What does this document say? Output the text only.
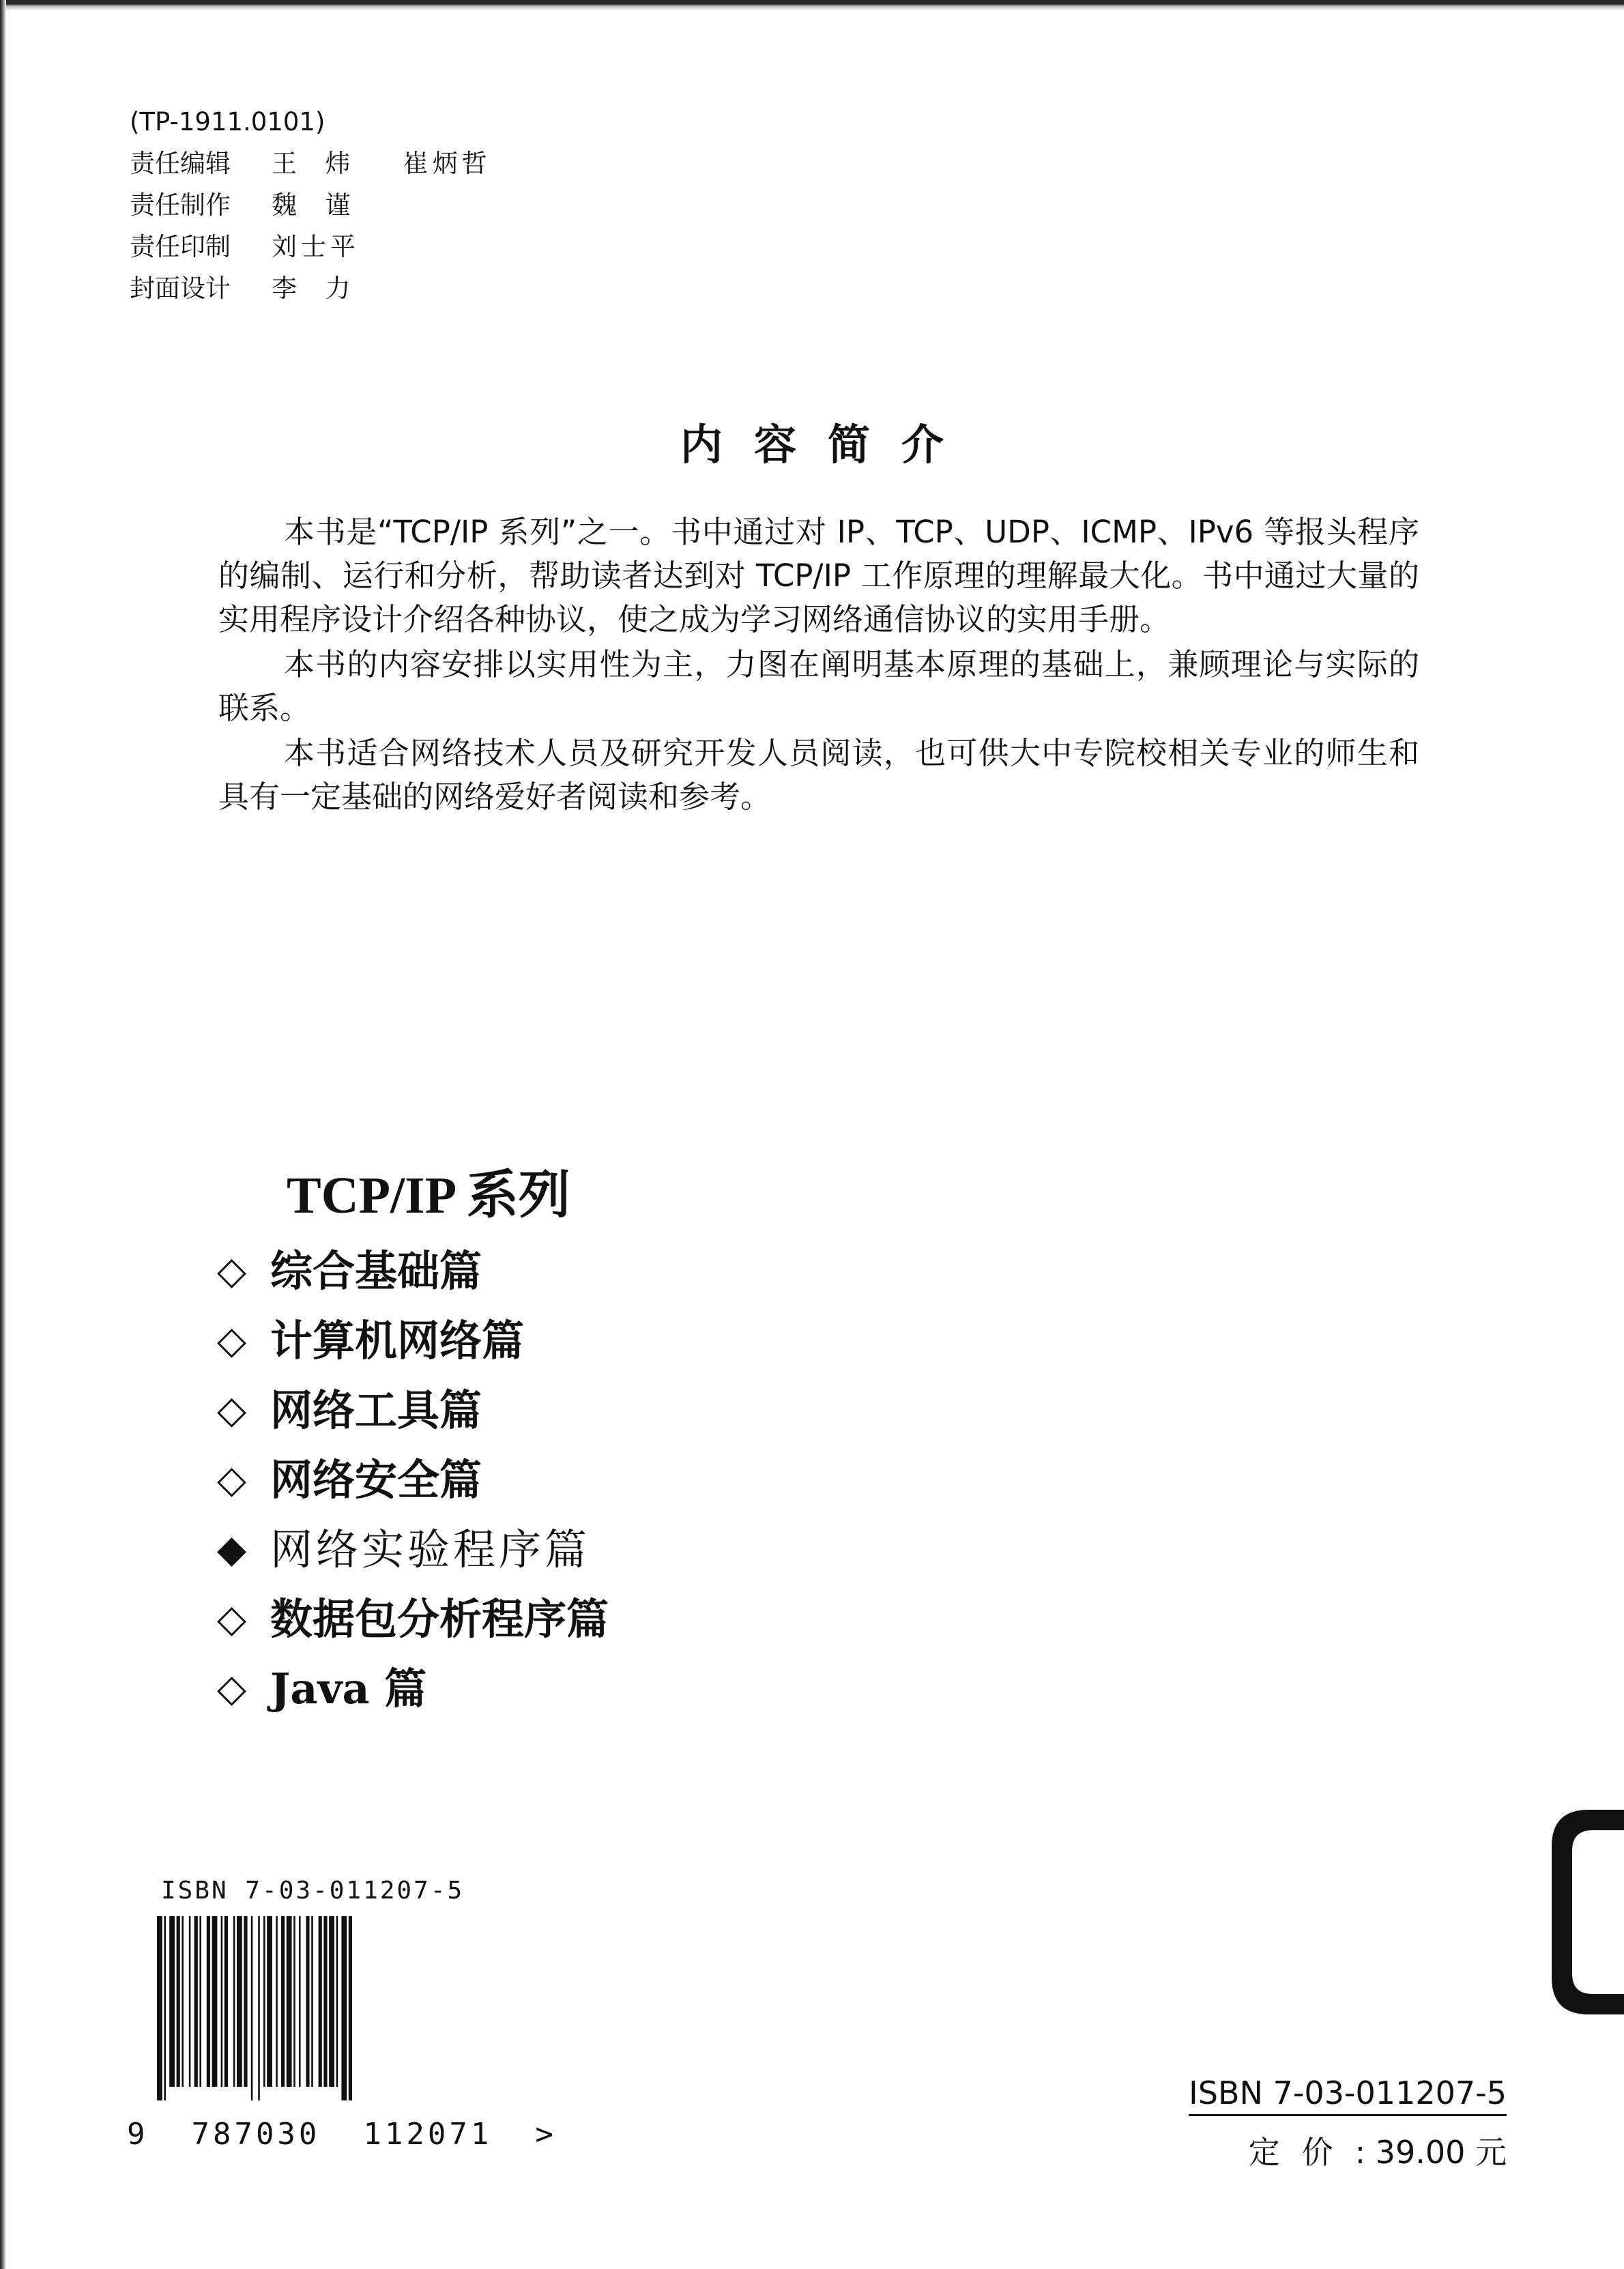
(TP-1911.0101)
责任编辑	王  炜    崔炳哲
责任制作	魏  谨
责任印制	刘士平
封面设计	李  力
内容简介

本书是“TCP/IP 系列”之一。书中通过对 IP、TCP、UDP、ICMP、IPv6 等报头程序的编制、运行和分析，帮助读者达到对 TCP/IP 工作原理的理解最大化。书中通过大量的实用程序设计介绍各种协议，使之成为学习网络通信协议的实用手册。

本书的内容安排以实用性为主，力图在阐明基本原理的基础上，兼顾理论与实际的联系。

本书适合网络技术人员及研究开发人员阅读，也可供大中专院校相关专业的师生和具有一定基础的网络爱好者阅读和参考。

TCP/IP 系列
◇ 综合基础篇
◇ 计算机网络篇
◇ 网络工具篇
◇ 网络安全篇
◆ 网络实验程序篇
◇ 数据包分析程序篇
◇ Java 篇
ISBN 7-03-011207-5
9  787030  112071  >
ISBN 7-03-011207-5
定价: 39.00 元
